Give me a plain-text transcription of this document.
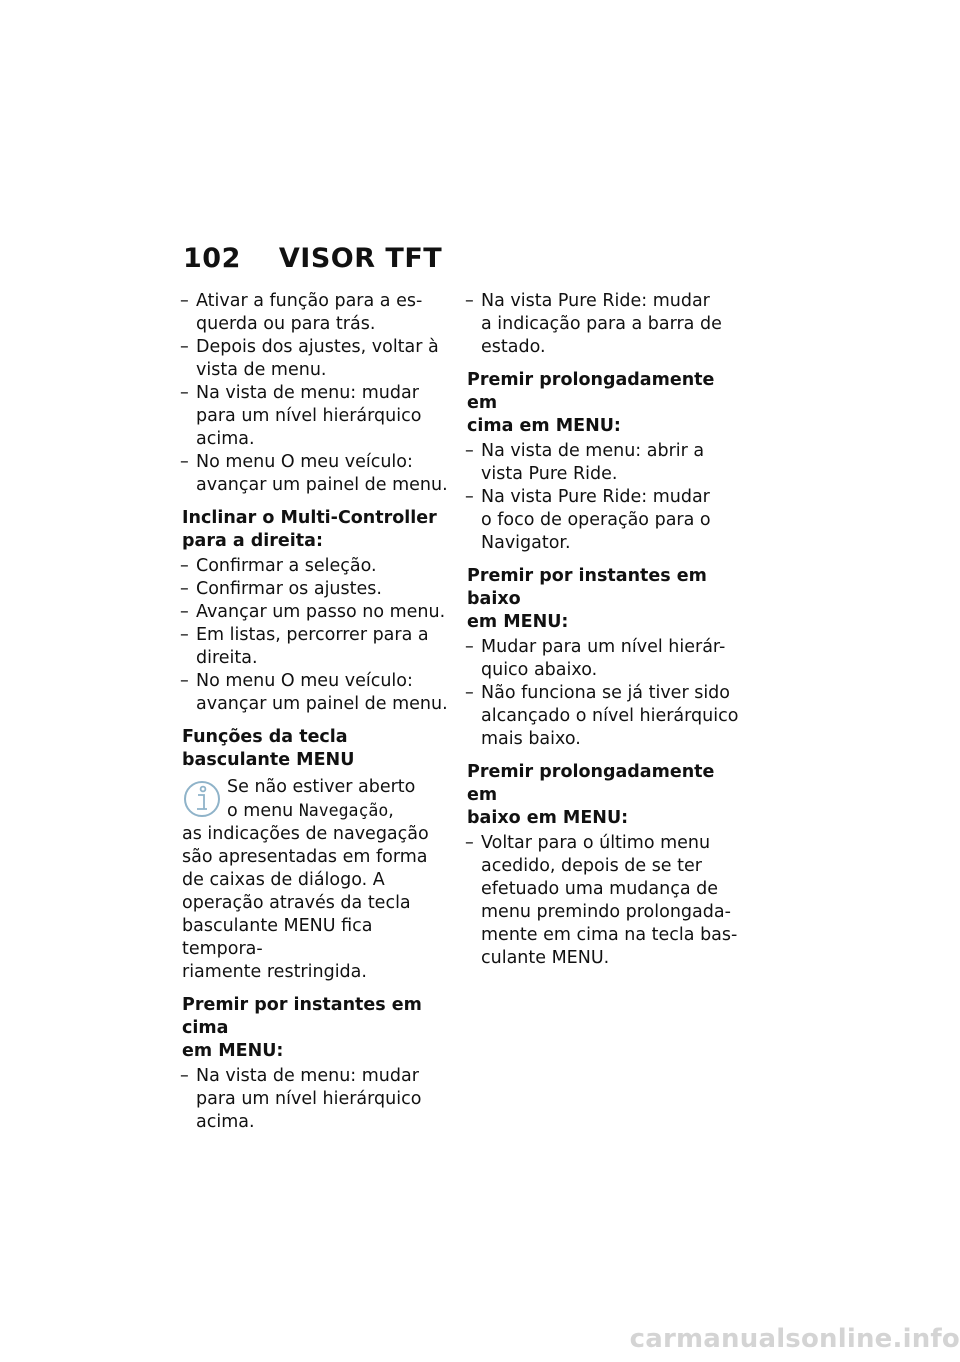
102 VISOR TFT
– Ativar a função para a es-
querda ou para trás.
– Depois dos ajustes, voltar à
vista de menu.
– Na vista de menu: mudar
para um nível hierárquico
acima.
– No menu O meu veículo:
avançar um painel de menu.
Inclinar o Multi-Controller
para a direita:
– Confirmar a seleção.
– Confirmar os ajustes.
– Avançar um passo no menu.
– Em listas, percorrer para a
direita.
– No menu O meu veículo:
avançar um painel de menu.
Funções da tecla
basculante MENU
Se não estiver aberto
o menu Navegação,
as indicações de navegação
são apresentadas em forma
de caixas de diálogo. A
operação através da tecla
basculante MENU fica tempora-
riamente restringida.
Premir por instantes em cima
em MENU:
– Na vista de menu: mudar
para um nível hierárquico
acima.
– Na vista Pure Ride: mudar
a indicação para a barra de
estado.
Premir prolongadamente em
cima em MENU:
– Na vista de menu: abrir a
vista Pure Ride.
– Na vista Pure Ride: mudar
o foco de operação para o
Navigator.
Premir por instantes em baixo
em MENU:
– Mudar para um nível hierár-
quico abaixo.
– Não funciona se já tiver sido
alcançado o nível hierárquico
mais baixo.
Premir prolongadamente em
baixo em MENU:
– Voltar para o último menu
acedido, depois de se ter
efetuado uma mudança de
menu premindo prolongada-
mente em cima na tecla bas-
culante MENU.
carmanualsonline.info
